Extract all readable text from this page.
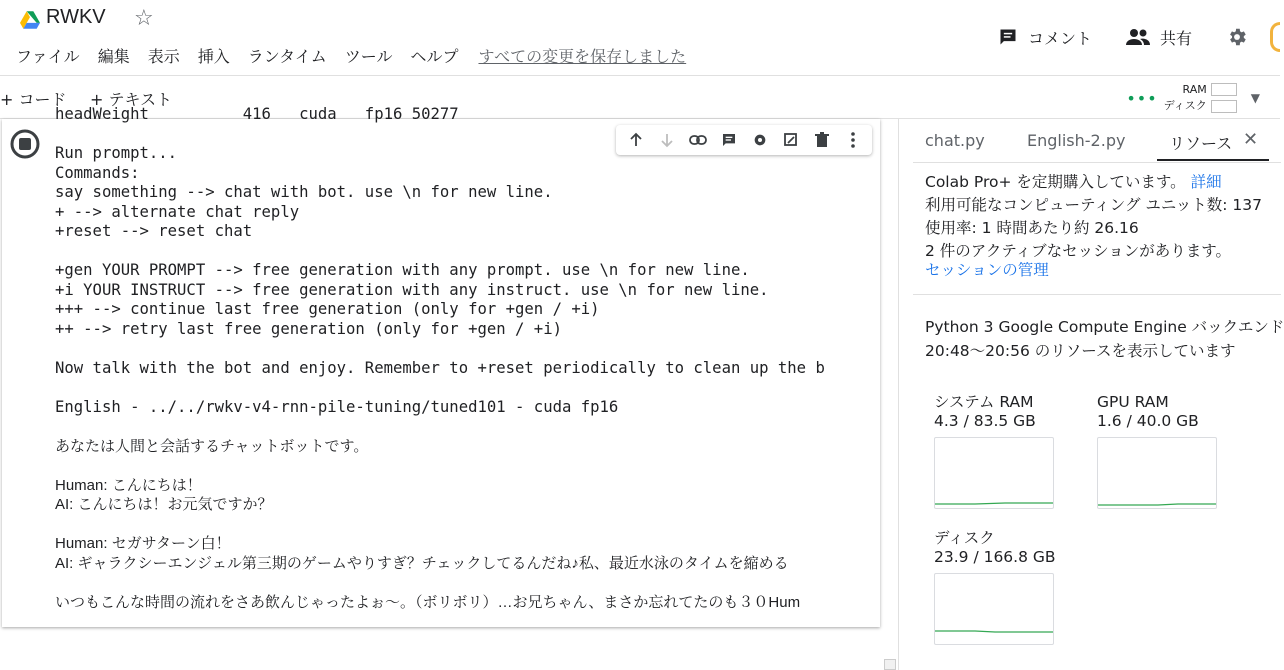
RWKV ☆
ファイル 編集 表示 挿入 ランタイム ツール ヘルプ すべての変更を保存しました
コメント	共有
+ コード + テキスト	••• RAM
ディスク
▼
headWeight          416   cuda   fp16 50277
Run prompt...
Commands:
say something --> chat with bot. use \n for new line.
+ --> alternate chat reply
+reset --> reset chat
+gen YOUR PROMPT --> free generation with any prompt. use \n for new line.
+i YOUR INSTRUCT --> free generation with any instruct. use \n for new line.
+++ --> continue last free generation (only for +gen / +i)
++ --> retry last free generation (only for +gen / +i)
Now talk with the bot and enjoy. Remember to +reset periodically to clean up the b
English - ../../rwkv-v4-rnn-pile-tuning/tuned101 - cuda fp16
あなたは人間と会話するチャットボットです。
Human: こんにちは！
AI: こんにちは！お元気ですか？
Human: セガサターン白！
AI: ギャラクシーエンジェル第三期のゲームやりすぎ？チェックしてるんだね♪私、最近水泳のタイムを縮める
いつもこんな時間の流れをさあ飲んじゃったよぉ〜。（ボリボリ）…お兄ちゃん、まさか忘れてたのも３０Hum
chat.py	English-2.py	リソース ✕
Colab Pro+ を定期購入しています。 詳細
利用可能なコンピューティング ユニット数: 137
使用率: 1 時間あたり約 26.16
2 件のアクティブなセッションがあります。
セッションの管理
Python 3 Google Compute Engine バックエンド
20:48〜20:56 のリソースを表示しています
システム RAM
4.3 / 83.5 GB
GPU RAM
1.6 / 40.0 GB
ディスク
23.9 / 166.8 GB
